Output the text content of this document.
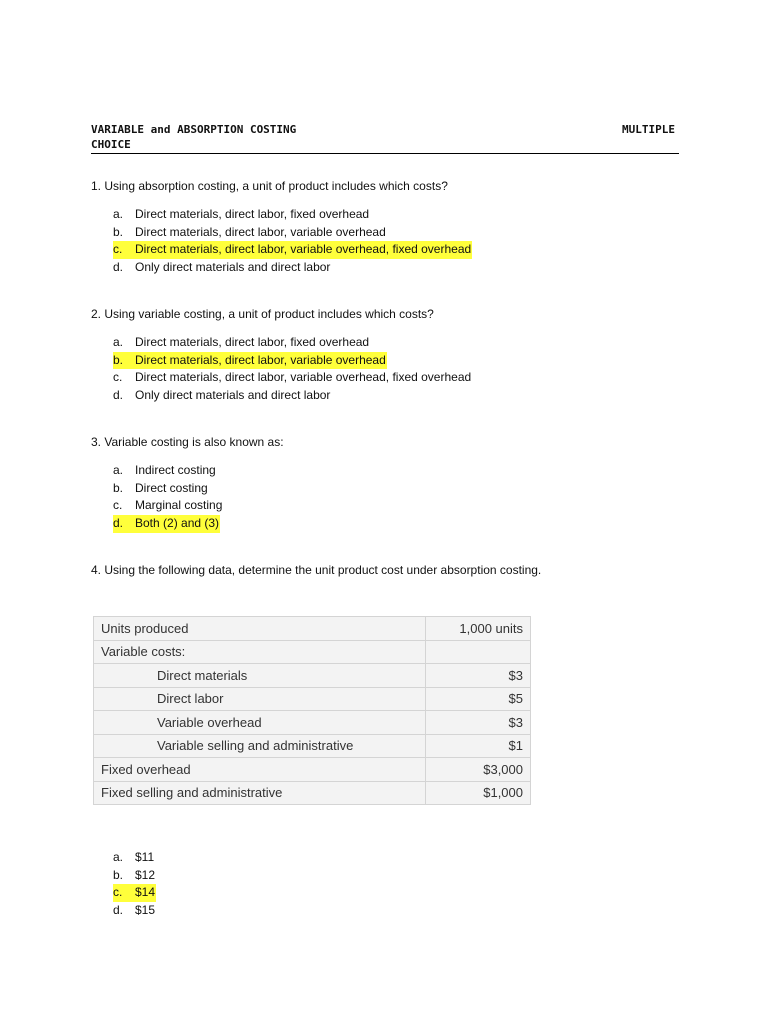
VARIABLE and ABSORPTION COSTING
CHOICE
MULTIPLE
1. Using absorption costing, a unit of product includes which costs?
a. Direct materials, direct labor, fixed overhead
b. Direct materials, direct labor, variable overhead
c. Direct materials, direct labor, variable overhead, fixed overhead
d. Only direct materials and direct labor
2. Using variable costing, a unit of product includes which costs?
a. Direct materials, direct labor, fixed overhead
b. Direct materials, direct labor, variable overhead
c. Direct materials, direct labor, variable overhead, fixed overhead
d. Only direct materials and direct labor
3. Variable costing is also known as:
a. Indirect costing
b. Direct costing
c. Marginal costing
d. Both (2) and (3)
4. Using the following data, determine the unit product cost under absorption costing.
Units produced	1,000 units
Variable costs:	
Direct materials	$3
Direct labor	$5
Variable overhead	$3
Variable selling and administrative	$1
Fixed overhead	$3,000
Fixed selling and administrative	$1,000
a. $11
b. $12
c. $14
d. $15
